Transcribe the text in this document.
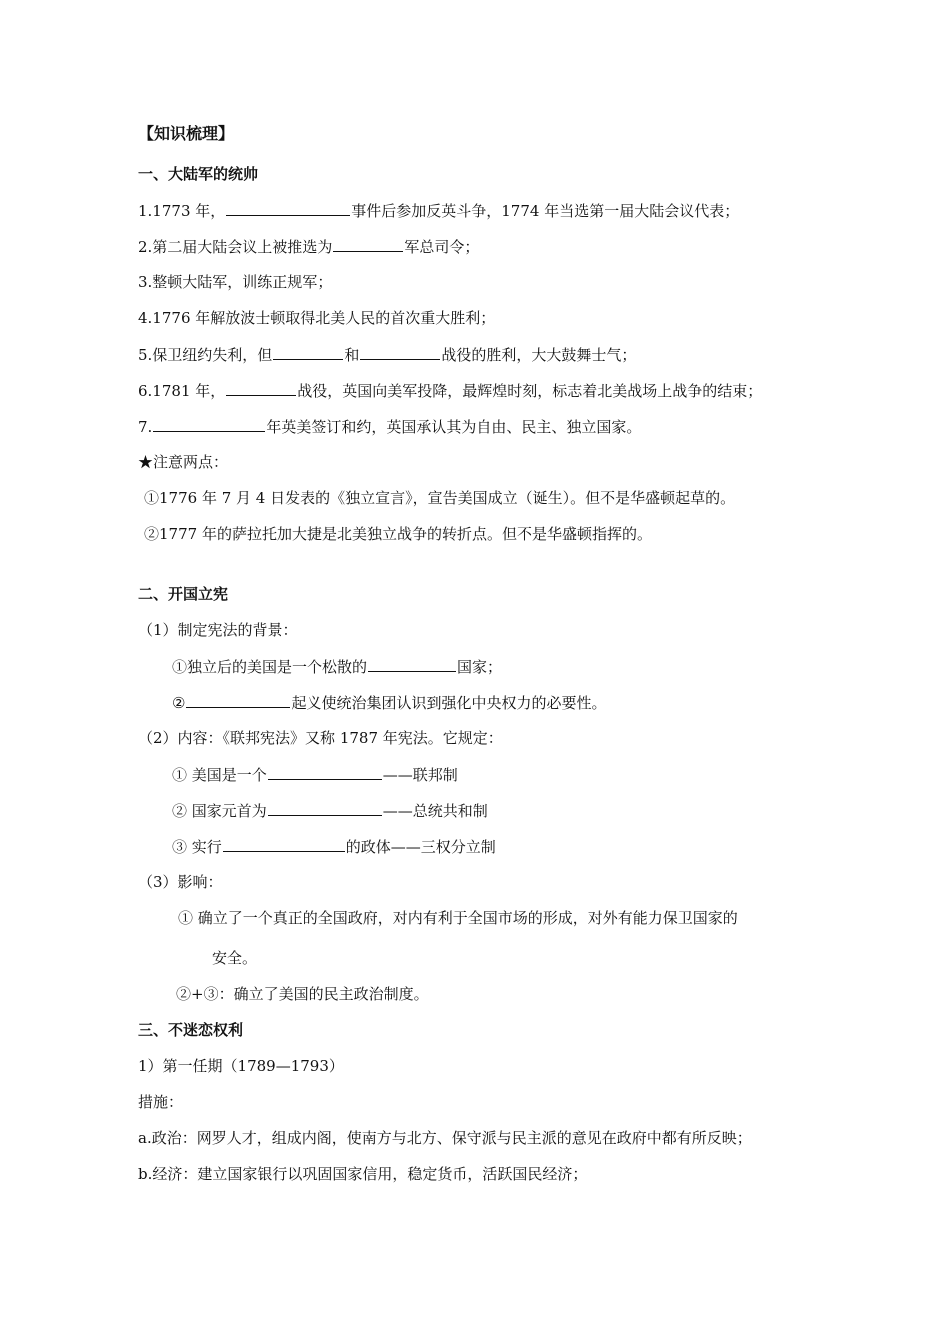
【知识梳理】
一、大陆军的统帅
1.1773 年，	事件后参加反英斗争，1774 年当选第一届大陆会议代表；
2.第二届大陆会议上被推选为	军总司令；
3.整顿大陆军，训练正规军；
4.1776 年解放波士顿取得北美人民的首次重大胜利；
5.保卫纽约失利，但	和	战役的胜利，大大鼓舞士气；
6.1781 年，	战役，英国向美军投降，最辉煌时刻，标志着北美战场上战争的结束；
7.	年英美签订和约，英国承认其为自由、民主、独立国家。
★注意两点：
①1776 年 7 月 4 日发表的《独立宣言》，宣告美国成立（诞生）。但不是华盛顿起草的。
②1777 年的萨拉托加大捷是北美独立战争的转折点。但不是华盛顿指挥的。
二、开国立宪
（1）制定宪法的背景：
①独立后的美国是一个松散的	国家；
②	起义使统治集团认识到强化中央权力的必要性。
（2）内容：《联邦宪法》又称 1787 年宪法。它规定：
① 美国是一个	——联邦制
② 国家元首为	——总统共和制
③ 实行	的政体——三权分立制
（3）影响：
① 确立了一个真正的全国政府，对内有利于全国市场的形成，对外有能力保卫国家的
安全。
②+③：确立了美国的民主政治制度。
三、不迷恋权利
1）第一任期（1789—1793）
措施：
a.政治：网罗人才，组成内阁，使南方与北方、保守派与民主派的意见在政府中都有所反映；
b.经济：建立国家银行以巩固国家信用，稳定货币，活跃国民经济；
